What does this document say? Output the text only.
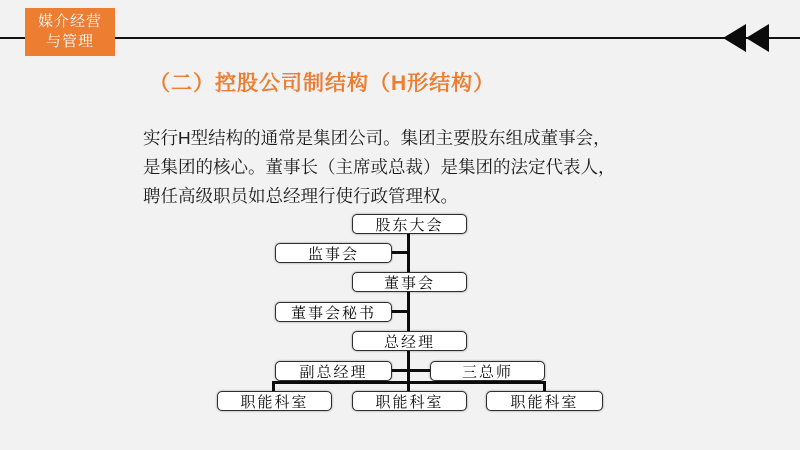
媒介经营
与管理
（二）控股公司制结构（H形结构）
实行H型结构的通常是集团公司。集团主要股东组成董事会，
是集团的核心。董事长（主席或总裁）是集团的法定代表人，
聘任高级职员如总经理行使行政管理权。
股东大会
监事会
董事会
董事会秘书
总经理
副总经理	三总师
职能科室	职能科室	职能科室
